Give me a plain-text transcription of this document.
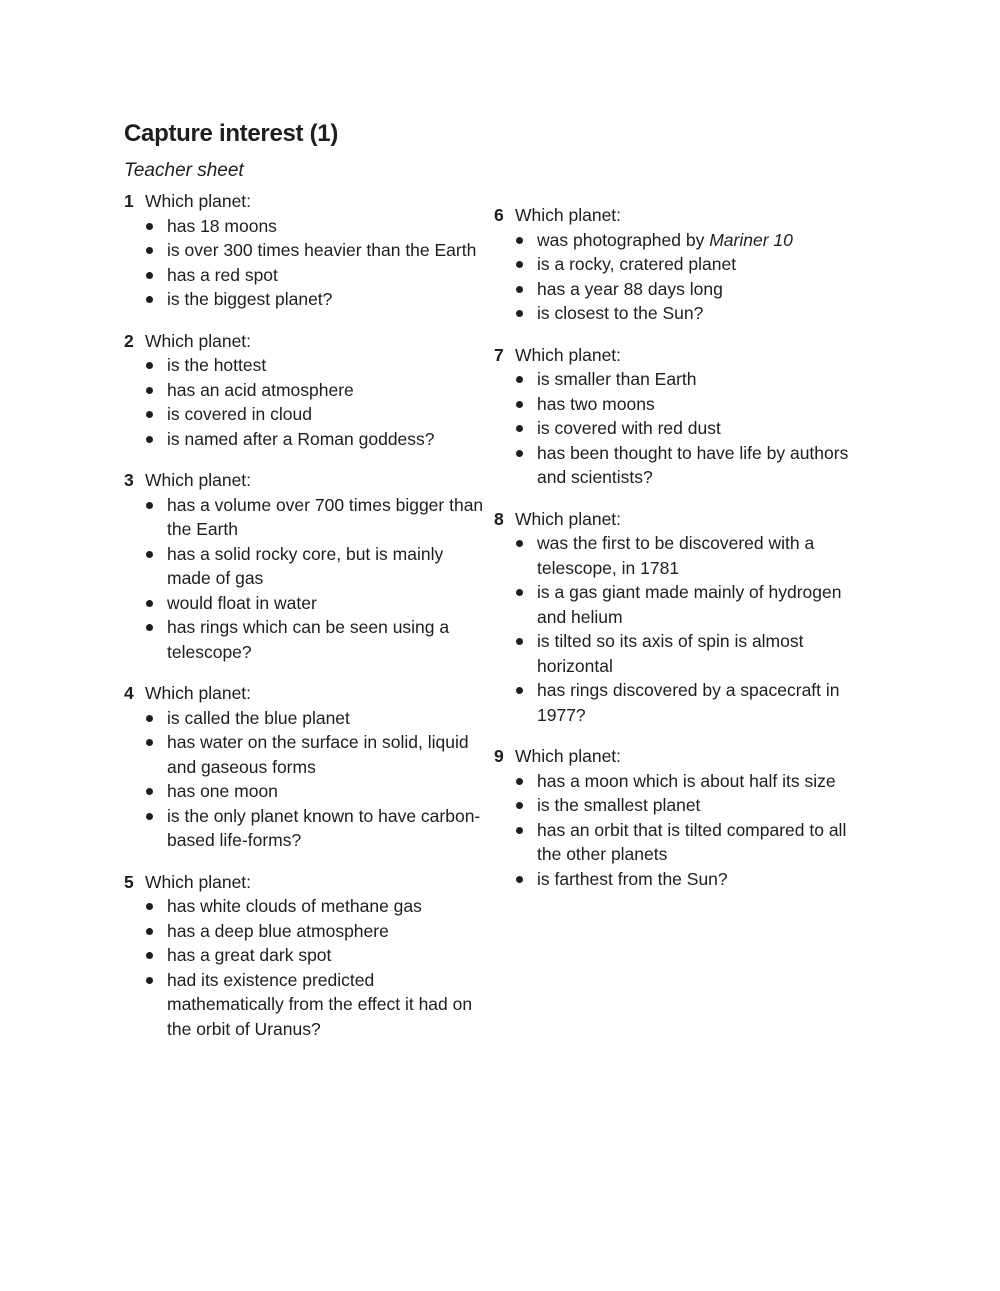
Capture interest (1)

Teacher sheet

1 Which planet:
has 18 moons
is over 300 times heavier than the Earth
has a red spot
is the biggest planet?
2 Which planet:
is the hottest
has an acid atmosphere
is covered in cloud
is named after a Roman goddess?
3 Which planet:
has a volume over 700 times bigger than the Earth
has a solid rocky core, but is mainly made of gas
would float in water
has rings which can be seen using a telescope?
4 Which planet:
is called the blue planet
has water on the surface in solid, liquid and gaseous forms
has one moon
is the only planet known to have carbon-based life-forms?
5 Which planet:
has white clouds of methane gas
has a deep blue atmosphere
has a great dark spot
had its existence predicted mathematically from the effect it had on the orbit of Uranus?
6 Which planet:
was photographed by Mariner 10
is a rocky, cratered planet
has a year 88 days long
is closest to the Sun?
7 Which planet:
is smaller than Earth
has two moons
is covered with red dust
has been thought to have life by authors and scientists?
8 Which planet:
was the first to be discovered with a telescope, in 1781
is a gas giant made mainly of hydrogen and helium
is tilted so its axis of spin is almost horizontal
has rings discovered by a spacecraft in 1977?
9 Which planet:
has a moon which is about half its size
is the smallest planet
has an orbit that is tilted compared to all the other planets
is farthest from the Sun?
